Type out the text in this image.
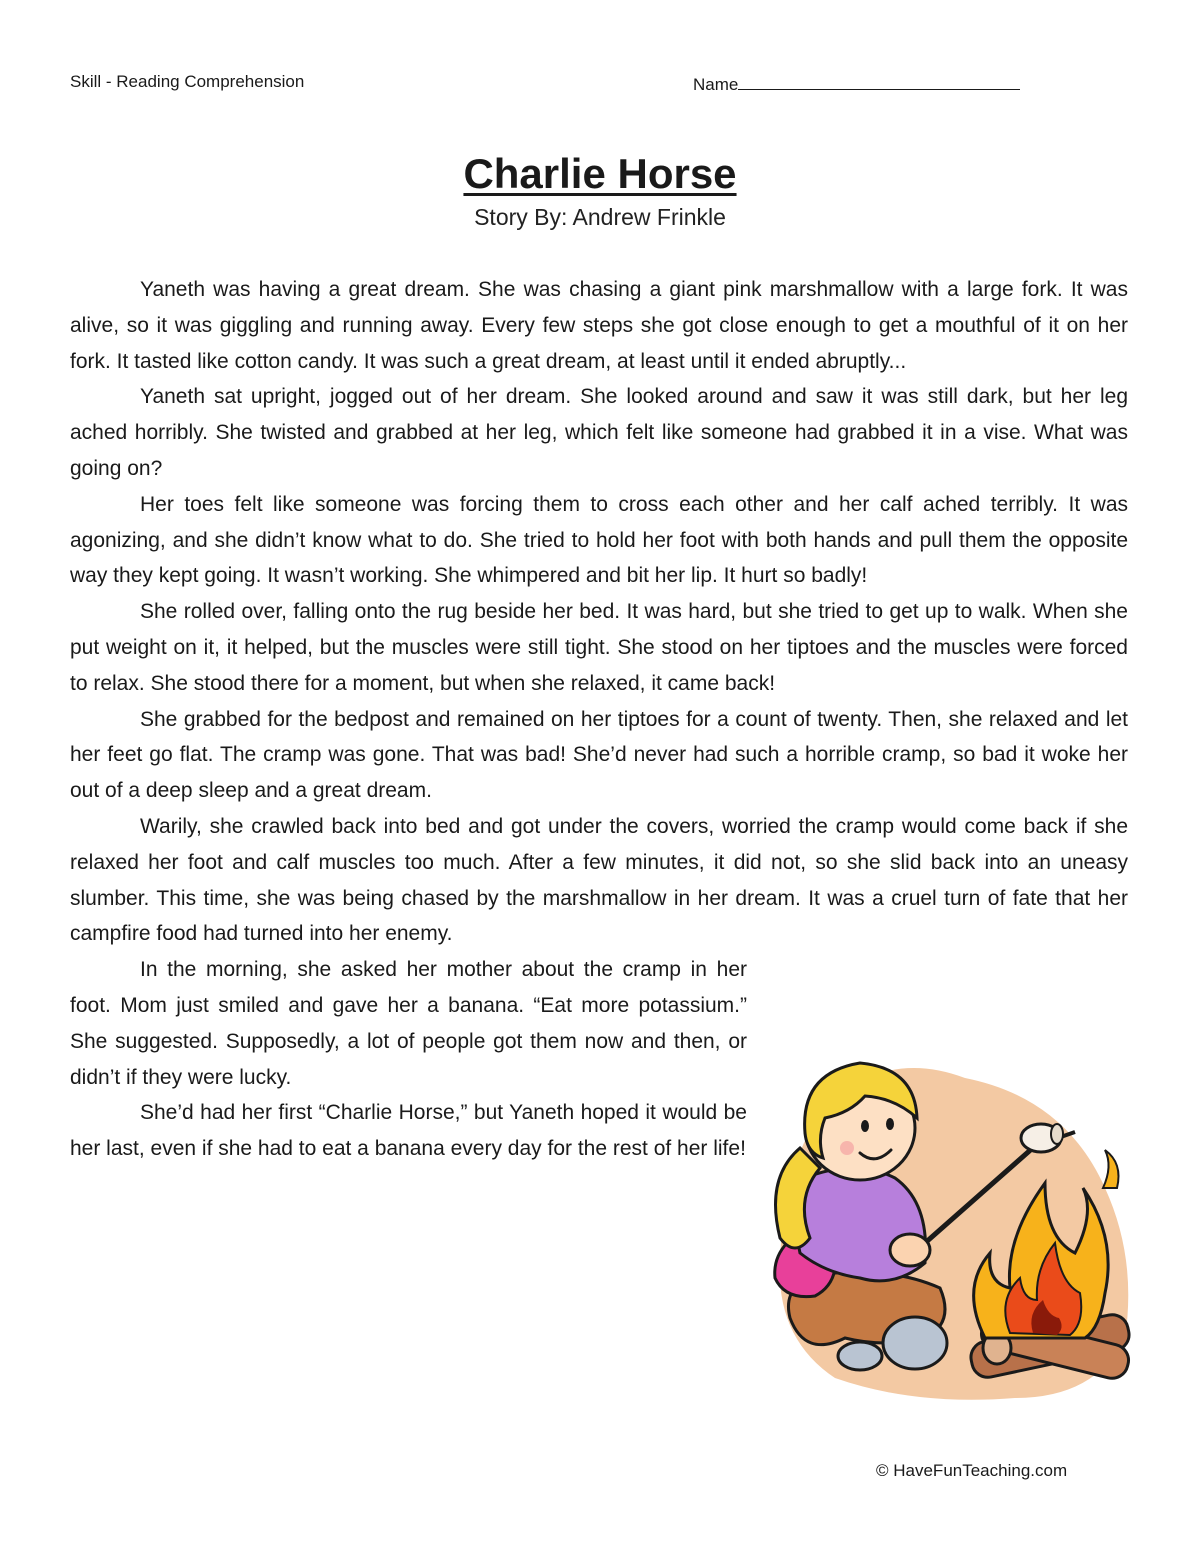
Skill - Reading Comprehension	Name
Charlie Horse
Story By: Andrew Frinkle

Yaneth was having a great dream. She was chasing a giant pink marshmallow with a large fork. It was alive, so it was giggling and running away. Every few steps she got close enough to get a mouthful of it on her fork. It tasted like cotton candy. It was such a great dream, at least until it ended abruptly...

Yaneth sat upright, jogged out of her dream. She looked around and saw it was still dark, but her leg ached horribly. She twisted and grabbed at her leg, which felt like someone had grabbed it in a vise. What was going on?

Her toes felt like someone was forcing them to cross each other and her calf ached terribly. It was agonizing, and she didn’t know what to do. She tried to hold her foot with both hands and pull them the opposite way they kept going. It wasn’t working. She whimpered and bit her lip. It hurt so badly!

She rolled over, falling onto the rug beside her bed. It was hard, but she tried to get up to walk. When she put weight on it, it helped, but the muscles were still tight. She stood on her tiptoes and the muscles were forced to relax. She stood there for a moment, but when she relaxed, it came back!

She grabbed for the bedpost and remained on her tiptoes for a count of twenty. Then, she relaxed and let her feet go flat. The cramp was gone. That was bad! She’d never had such a horrible cramp, so bad it woke her out of a deep sleep and a great dream.

Warily, she crawled back into bed and got under the covers, worried the cramp would come back if she relaxed her foot and calf muscles too much. After a few minutes, it did not, so she slid back into an uneasy slumber. This time, she was being chased by the marshmallow in her dream. It was a cruel turn of fate that her campfire food had turned into her enemy.

In the morning, she asked her mother about the cramp in her foot. Mom just smiled and gave her a banana. “Eat more potassium.” She suggested. Supposedly, a lot of people got them now and then, or didn’t if they were lucky.

She’d had her first “Charlie Horse,” but Yaneth hoped it would be her last, even if she had to eat a banana every day for the rest of her life!

© HaveFunTeaching.com
